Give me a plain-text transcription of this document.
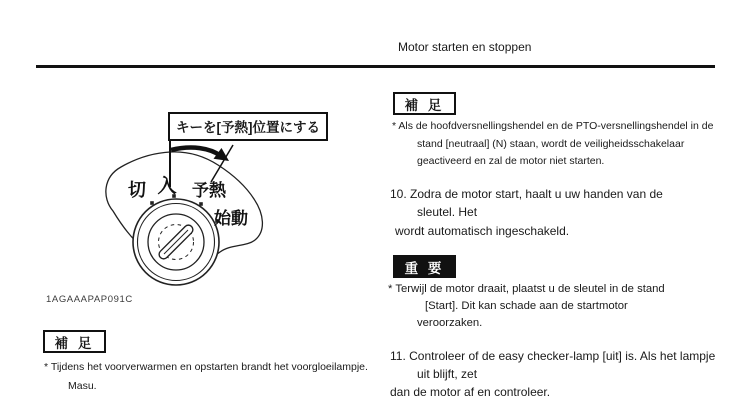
Motor starten en stoppen
切 入 予熱
始動
キーを[予熱]位置にする
1AGAAAPAP091C
補 足
* Tijdens het voorverwarmen en opstarten brandt het voorgloeilampje.
Masu.
補 足
* Als de hoofdversnellingshendel en de PTO-versnellingshendel in de
stand [neutraal] (N) staan, wordt de veiligheidsschakelaar
geactiveerd en zal de motor niet starten.
10. Zodra de motor start, haalt u uw handen van de
sleutel. Het
wordt automatisch ingeschakeld.
重 要
* Terwijl de motor draait, plaatst u de sleutel in de stand
[Start]. Dit kan schade aan de startmotor
veroorzaken.
11. Controleer of de easy checker-lamp [uit] is. Als het lampje
uit blijft, zet
dan de motor af en controleer.
